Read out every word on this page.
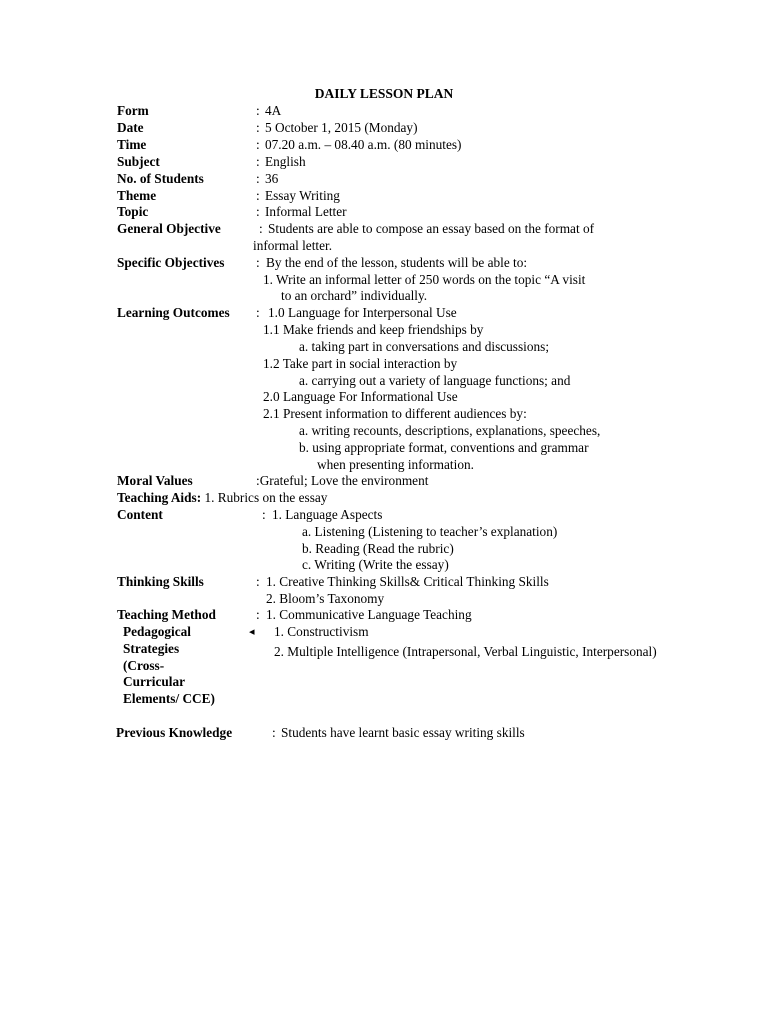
DAILY LESSON PLAN
Form	: 4A
Date	: 5 October 1, 2015 (Monday)
Time	: 07.20 a.m. – 08.40 a.m. (80 minutes)
Subject	: English
No. of Students	: 36
Theme	: Essay Writing
Topic	: Informal Letter
General Objective	: Students are able to compose an essay based on the format of
informal letter.
Specific Objectives : By the end of the lesson, students will be able to:
1. Write an informal letter of 250 words on the topic “A visit
to an orchard” individually.
Learning Outcomes : 1.0 Language for Interpersonal Use
1.1 Make friends and keep friendships by
a. taking part in conversations and discussions;
1.2 Take part in social interaction by
a. carrying out a variety of language functions; and
2.0 Language For Informational Use
2.1 Present information to different audiences by:
a. writing recounts, descriptions, explanations, speeches,
b. using appropriate format, conventions and grammar
when presenting information.
Moral Values	:Grateful; Love the environment
Teaching Aids: 1. Rubrics on the essay
Content	: 1. Language Aspects
a. Listening (Listening to teacher’s explanation)
b. Reading (Read the rubric)
c. Writing (Write the essay)
Thinking Skills	: 1. Creative Thinking Skills& Critical Thinking Skills
2. Bloom’s Taxonomy
Teaching Method	: 1. Communicative Language Teaching
Pedagogical
Strategies
(Cross-
Curricular
Elements/ CCE)
◂ 1. Constructivism
2. Multiple Intelligence (Intrapersonal, Verbal Linguistic, Interpersonal)
Previous Knowledge	: Students have learnt basic essay writing skills
